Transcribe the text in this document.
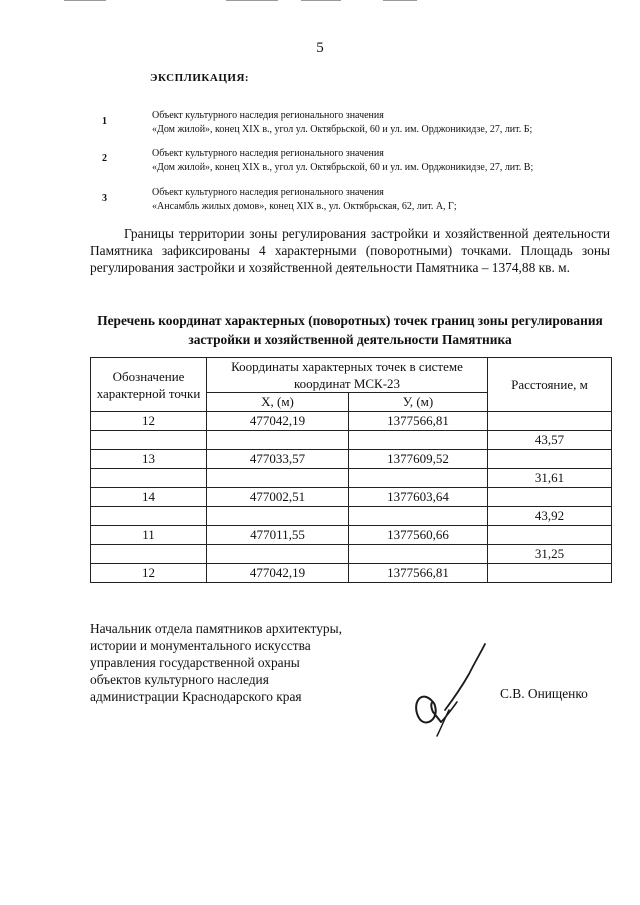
5
ЭКСПЛИКАЦИЯ:
1
Объект культурного наследия регионального значения
«Дом жилой», конец XIX в., угол ул. Октябрьской, 60 и ул. им. Орджоникидзе, 27, лит. Б;
2	Объект культурного наследия регионального значения
«Дом жилой», конец XIX в., угол ул. Октябрьской, 60 и ул. им. Орджоникидзе, 27, лит. В;
3
Объект культурного наследия регионального значения
«Ансамбль жилых домов», конец XIX в., ул. Октябрьская, 62, лит. А, Г;
Границы территории зоны регулирования застройки и хозяйственной деятельности Памятника зафиксированы 4 характерными (поворотными) точками. Площадь зоны регулирования застройки и хозяйственной деятельности Памятника – 1374,88 кв. м.
Перечень координат характерных (поворотных) точек границ зоны регулирования застройки и хозяйственной деятельности Памятника
Обозначение характерной точки	Координаты характерных точек в системе координат МСК-23		Расстояние, м
	X, (м)	У, (м)	
12	477042,19	1377566,81	
			43,57
13	477033,57	1377609,52	
			31,61
14	477002,51	1377603,64	
			43,92
11	477011,55	1377560,66	
			31,25
12	477042,19	1377566,81	
Начальник отдела памятников архитектуры,
истории и монументального искусства
управления государственной охраны
объектов культурного наследия
администрации Краснодарского края	С.В. Онищенко
